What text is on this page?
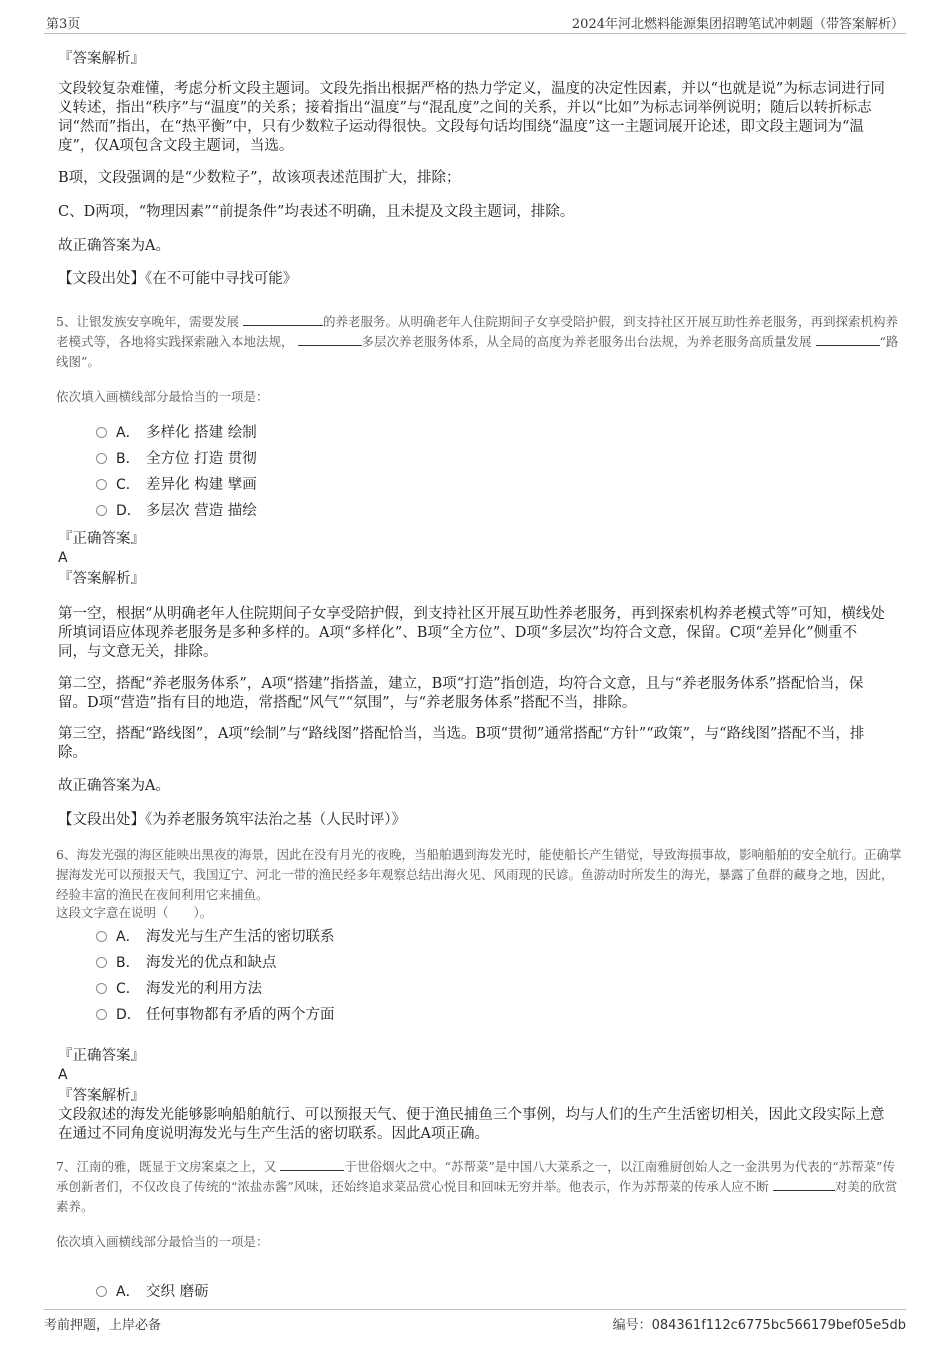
第3页	2024年河北燃料能源集团招聘笔试冲刺题（带答案解析）
『答案解析』
文段较复杂难懂，考虑分析文段主题词。文段先指出根据严格的热力学定义，温度的决定性因素，并以“也就是说”为标志词进行同义转述，指出“秩序”与“温度”的关系；接着指出“温度”与“混乱度”之间的关系，并以“比如”为标志词举例说明；随后以转折标志词“然而”指出，在“热平衡”中，只有少数粒子运动得很快。文段每句话均围绕“温度”这一主题词展开论述，即文段主题词为“温度”，仅A项包含文段主题词，当选。
B项，文段强调的是“少数粒子”，故该项表述范围扩大，排除；
C、D两项，“物理因素”“前提条件”均表述不明确，且未提及文段主题词，排除。
故正确答案为A。
【文段出处】《在不可能中寻找可能》
5、让银发族安享晚年，需要发展	的养老服务。从明确老年人住院期间子女享受陪护假，到支持社区开展互助性养老服务，再到探索机构养老模式等，各地将实践探索融入本地法规，	多层次养老服务体系，从全局的高度为养老服务出台法规，为养老服务高质量发展	“路线图”。
依次填入画横线部分最恰当的一项是：
A． 多样化 搭建 绘制
B． 全方位 打造 贯彻
C． 差异化 构建 擘画
D． 多层次 营造 描绘
『正确答案』
A
『答案解析』
第一空，根据“从明确老年人住院期间子女享受陪护假，到支持社区开展互助性养老服务，再到探索机构养老模式等”可知，横线处所填词语应体现养老服务是多种多样的。A项“多样化”、B项“全方位”、D项“多层次”均符合文意，保留。C项“差异化”侧重不同，与文意无关，排除。
第二空，搭配“养老服务体系”，A项“搭建”指搭盖，建立，B项“打造”指创造，均符合文意，且与“养老服务体系”搭配恰当，保留。D项“营造”指有目的地造，常搭配“风气”“氛围”，与“养老服务体系”搭配不当，排除。
第三空，搭配“路线图”，A项“绘制”与“路线图”搭配恰当，当选。B项“贯彻”通常搭配“方针”“政策”，与“路线图”搭配不当，排除。
故正确答案为A。
【文段出处】《为养老服务筑牢法治之基（人民时评）》
6、海发光强的海区能映出黑夜的海景，因此在没有月光的夜晚，当船舶遇到海发光时，能使船长产生错觉，导致海损事故，影响船舶的安全航行。正确掌握海发光可以预报天气，我国辽宁、河北一带的渔民经多年观察总结出海火见、风雨现的民谚。鱼游动时所发生的海光，暴露了鱼群的藏身之地，因此，经验丰富的渔民在夜间利用它来捕鱼。
这段文字意在说明（　　）。
A． 海发光与生产生活的密切联系
B． 海发光的优点和缺点
C． 海发光的利用方法
D． 任何事物都有矛盾的两个方面
『正确答案』
A
『答案解析』
文段叙述的海发光能够影响船舶航行、可以预报天气、便于渔民捕鱼三个事例，均与人们的生产生活密切相关，因此文段实际上意在通过不同角度说明海发光与生产生活的密切联系。因此A项正确。
7、江南的雅，既显于文房案桌之上，又	于世俗烟火之中。“苏帮菜”是中国八大菜系之一，以江南雅厨创始人之一金洪男为代表的“苏帮菜”传承创新者们，不仅改良了传统的“浓盐赤酱”风味，还始终追求菜品赏心悦目和回味无穷并举。他表示，作为苏帮菜的传承人应不断	对美的欣赏素养。
依次填入画横线部分最恰当的一项是：
A． 交织 磨砺
考前押题，上岸必备	编号：084361f112c6775bc566179bef05e5db
